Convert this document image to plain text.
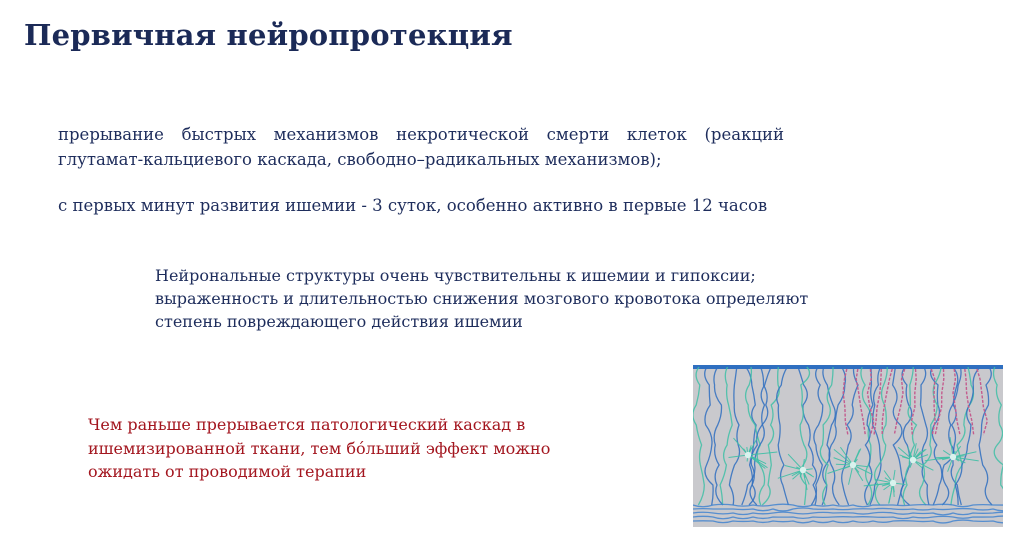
Первичная нейропротекция
прерывание быстрых механизмов некротической смерти клеток (реакций глутамат-кальциевого каскада, свободно–радикальных механизмов);
с первых минут развития ишемии - 3 суток, особенно активно в первые 12 часов
Нейрональные структуры очень чувствительны к ишемии и гипоксии;
выраженность и длительностью снижения мозгового кровотока определяют
степень повреждающего действия ишемии
Чем раньше прерывается патологический каскад в
ишемизированной ткани, тем бóльший эффект можно
ожидать от проводимой терапии
